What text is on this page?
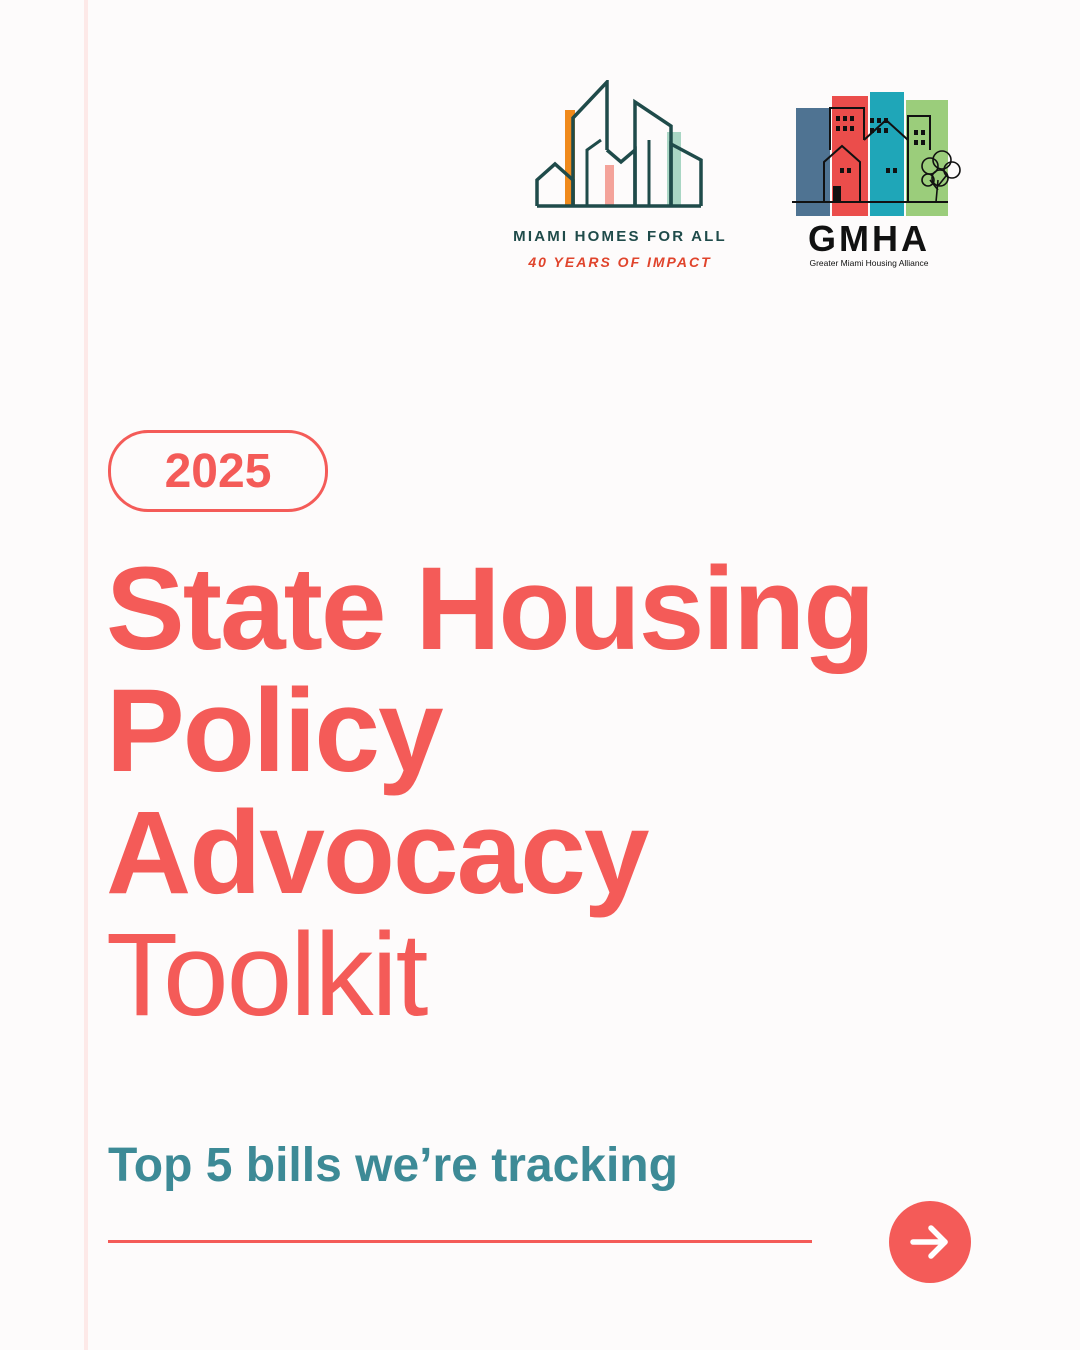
MIAMI HOMES FOR ALL
40 YEARS OF IMPACT
GMHA
Greater Miami Housing Alliance
2025
State Housing
Policy
Advocacy
Toolkit
Top 5 bills we’re tracking
